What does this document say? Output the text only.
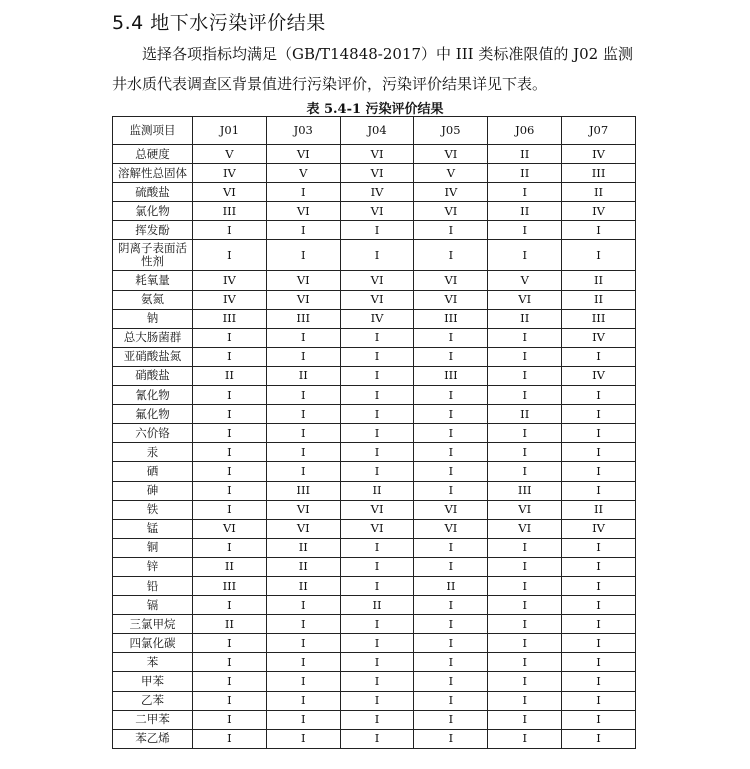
5.4 地下水污染评价结果
选择各项指标均满足（GB/T14848-2017）中 III 类标准限值的 J02 监测井水质代表调查区背景值进行污染评价，污染评价结果详见下表。
表 5.4-1 污染评价结果
监测项目	J01	J03	J04	J05	J06	J07
总硬度	V	VI	VI	VI	II	IV
溶解性总固体	IV	V	VI	V	II	III
硫酸盐	VI	I	IV	IV	I	II
氯化物	III	VI	VI	VI	II	IV
挥发酚	I	I	I	I	I	I
阴离子表面活性剂	I	I	I	I	I	I
耗氧量	IV	VI	VI	VI	V	II
氨氮	IV	VI	VI	VI	VI	II
钠	III	III	IV	III	II	III
总大肠菌群	I	I	I	I	I	IV
亚硝酸盐氮	I	I	I	I	I	I
硝酸盐	II	II	I	III	I	IV
氰化物	I	I	I	I	I	I
氟化物	I	I	I	I	II	I
六价铬	I	I	I	I	I	I
汞	I	I	I	I	I	I
硒	I	I	I	I	I	I
砷	I	III	II	I	III	I
铁	I	VI	VI	VI	VI	II
锰	VI	VI	VI	VI	VI	IV
铜	I	II	I	I	I	I
锌	II	II	I	I	I	I
铅	III	II	I	II	I	I
镉	I	I	II	I	I	I
三氯甲烷	II	I	I	I	I	I
四氯化碳	I	I	I	I	I	I
苯	I	I	I	I	I	I
甲苯	I	I	I	I	I	I
乙苯	I	I	I	I	I	I
二甲苯	I	I	I	I	I	I
苯乙烯	I	I	I	I	I	I
